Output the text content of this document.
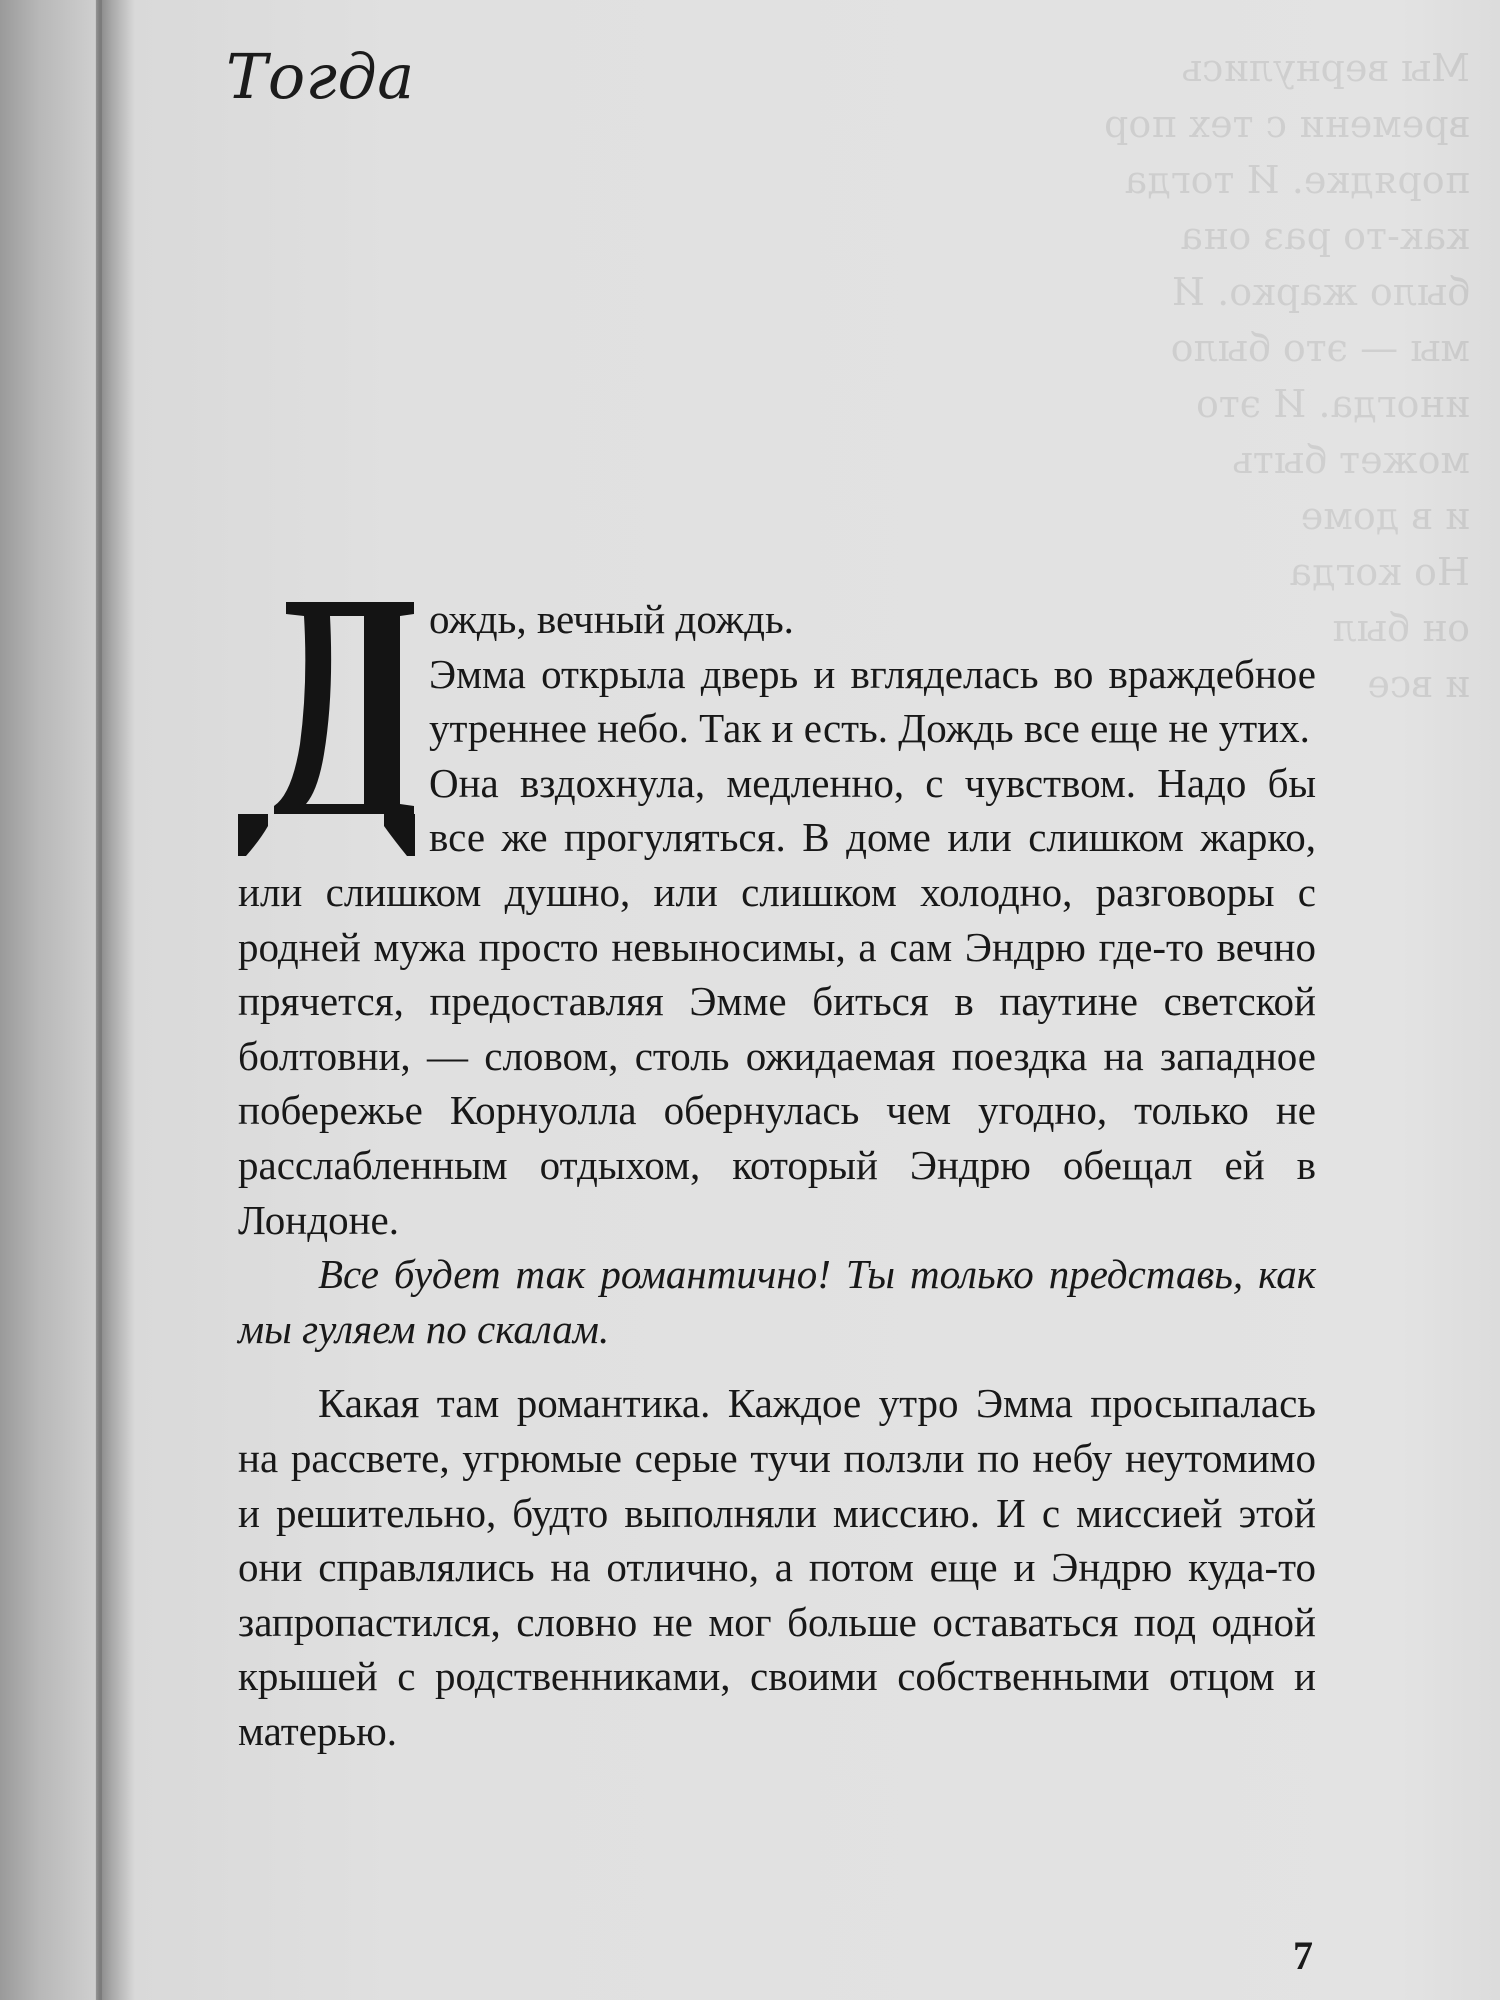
Мы вернулись
времени с тех пор
порядке. И тогда
как-то раз она
было жарко. И
мы — это было
иногда. И это
может быть
и в доме
Но когда
он был
и все
Тогда

ождь, вечный дождь.

Эмма открыла дверь и вгляделась во враждебное утреннее небо. Так и есть. Дождь все еще не утих.

Она вздохнула, медленно, с чувством. Надо бы все же прогуляться. В доме или слишком жарко, или слишком душно, или слишком холодно, разговоры с родней мужа просто невыносимы, а сам Эндрю где-то вечно прячется, предоставляя Эмме биться в паутине светской болтовни, — словом, столь ожидаемая поездка на западное побережье Корнуолла обернулась чем угодно, только не расслабленным отдыхом, который Эндрю обещал ей в Лондоне.

Все будет так романтично! Ты только представь, как мы гуляем по скалам.

Какая там романтика. Каждое утро Эмма просыпалась на рассвете, угрюмые серые тучи ползли по небу неутомимо и решительно, будто выполняли миссию. И с миссией этой они справлялись на отлично, а потом еще и Эндрю куда-то запропастился, словно не мог больше оставаться под одной крышей с родственниками, своими собственными отцом и матерью.

7
